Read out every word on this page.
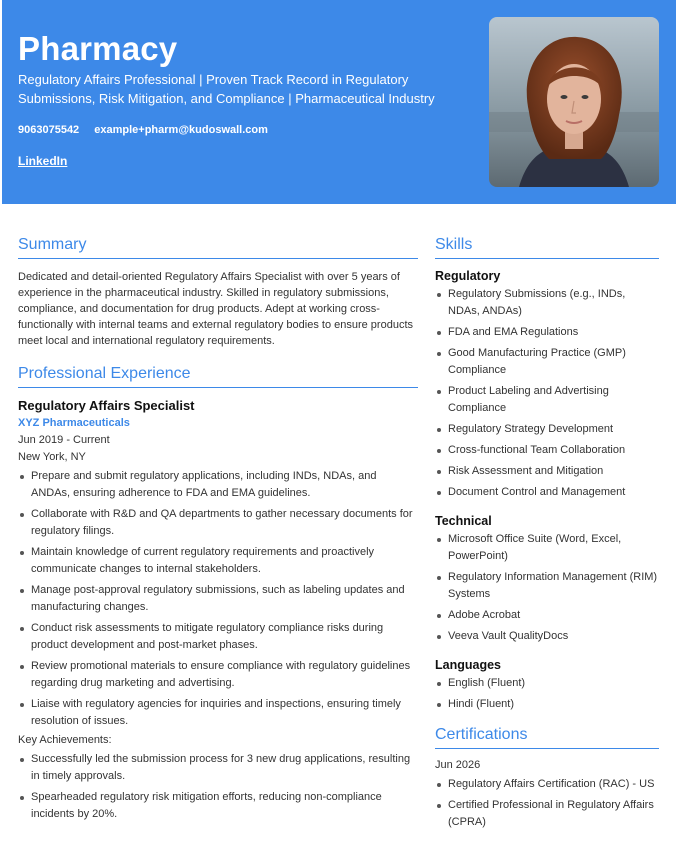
Pharmacy

Regulatory Affairs Professional | Proven Track Record in Regulatory Submissions, Risk Mitigation, and Compliance | Pharmaceutical Industry

9063075542 example+pharm@kudoswall.com
LinkedIn
Summary

Dedicated and detail-oriented Regulatory Affairs Specialist with over 5 years of experience in the pharmaceutical industry. Skilled in regulatory submissions, compliance, and documentation for drug products. Adept at working cross-functionally with internal teams and external regulatory bodies to ensure products meet local and international regulatory requirements.

Professional Experience
Regulatory Affairs Specialist
XYZ Pharmaceuticals
Jun 2019 - Current
New York, NY
Prepare and submit regulatory applications, including INDs, NDAs, and ANDAs, ensuring adherence to FDA and EMA guidelines.
Collaborate with R&D and QA departments to gather necessary documents for regulatory filings.
Maintain knowledge of current regulatory requirements and proactively communicate changes to internal stakeholders.
Manage post-approval regulatory submissions, such as labeling updates and manufacturing changes.
Conduct risk assessments to mitigate regulatory compliance risks during product development and post-market phases.
Review promotional materials to ensure compliance with regulatory guidelines regarding drug marketing and advertising.
Liaise with regulatory agencies for inquiries and inspections, ensuring timely resolution of issues.
Key Achievements:
Successfully led the submission process for 3 new drug applications, resulting in timely approvals.
Spearheaded regulatory risk mitigation efforts, reducing non-compliance incidents by 20%.
Skills
Regulatory
Regulatory Submissions (e.g., INDs, NDAs, ANDAs)
FDA and EMA Regulations
Good Manufacturing Practice (GMP) Compliance
Product Labeling and Advertising Compliance
Regulatory Strategy Development
Cross-functional Team Collaboration
Risk Assessment and Mitigation
Document Control and Management
Technical
Microsoft Office Suite (Word, Excel, PowerPoint)
Regulatory Information Management (RIM) Systems
Adobe Acrobat
Veeva Vault QualityDocs
Languages
English (Fluent)
Hindi (Fluent)
Certifications
Jun 2026
Regulatory Affairs Certification (RAC) - US
Certified Professional in Regulatory Affairs (CPRA)
